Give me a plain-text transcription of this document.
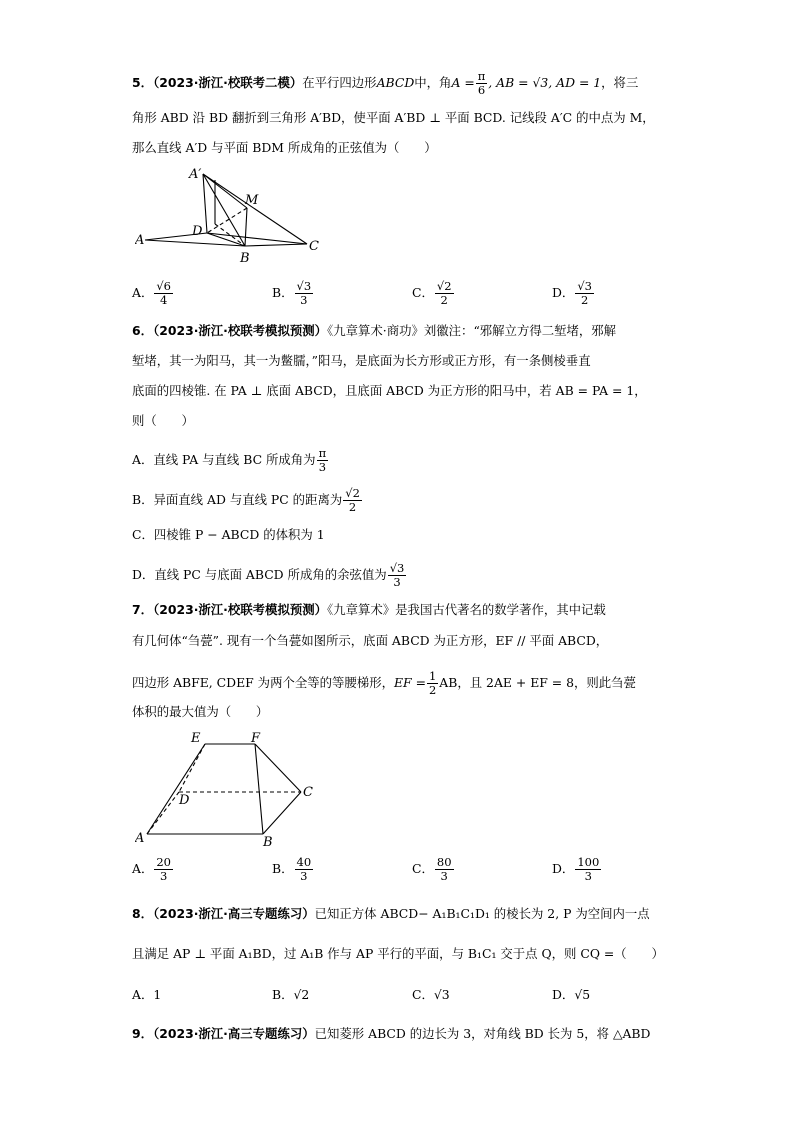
5．（2023·浙江·校联考二模）在平行四边形ABCD中，角$A = \frac{\pi}{6}$ , AB = √3, AD = 1，将三
角形 ABD 沿 BD 翻折到三角形 A′BD，使平面 A′BD ⊥ 平面 BCD. 记线段 A′C 的中点为 M，
那么直线 A′D 与平面 BDM 所成角的正弦值为（　　）
A′
M
D
A	C
B
A． $\frac{√6}{4}$	B． $\frac{√3}{3}$	C． $\frac{√2}{2}$	D． $\frac{√3}{2}$
6．（2023·浙江·校联考模拟预测）《九章算术·商功》刘徽注：“邪解立方得二堑堵，邪解
堑堵，其一为阳马，其一为鳖臑，”阳马，是底面为长方形或正方形，有一条侧棱垂直
底面的四棱锥. 在 PA ⊥ 底面 ABCD，且底面 ABCD 为正方形的阳马中，若 AB = PA = 1，
则（　　）
A．直线 PA 与直线 BC 所成角为 $\frac{\pi}{3}$
B．异面直线 AD 与直线 PC 的距离为 $\frac{√2}{2}$
C．四棱锥 P − ABCD 的体积为 1
D．直线 PC 与底面 ABCD 所成角的余弦值为 $\frac{√3}{3}$
7．（2023·浙江·校联考模拟预测）《九章算术》是我国古代著名的数学著作，其中记载
有几何体“刍甍”. 现有一个刍甍如图所示，底面 ABCD 为正方形，EF // 平面 ABCD，
四边形 ABFE, CDEF 为两个全等的等腰梯形，EF = $\frac{1}{2}$ AB，且 2AE + EF = 8，则此刍甍
体积的最大值为（　　）
E	F
D
C
A	B
A． $\frac{20}{3}$	B． $\frac{40}{3}$	C． $\frac{80}{3}$	D． $\frac{100}{3}$
8．（2023·浙江·高三专题练习）已知正方体 ABCD− A₁B₁C₁D₁ 的棱长为 2, P 为空间内一点
且满足 AP ⊥ 平面 A₁BD，过 A₁B 作与 AP 平行的平面，与 B₁C₁ 交于点 Q，则 CQ =（　　）
A．1	B．√2	C．√3	D．√5
9．（2023·浙江·高三专题练习）已知菱形 ABCD 的边长为 3，对角线 BD 长为 5，将 △ABD
